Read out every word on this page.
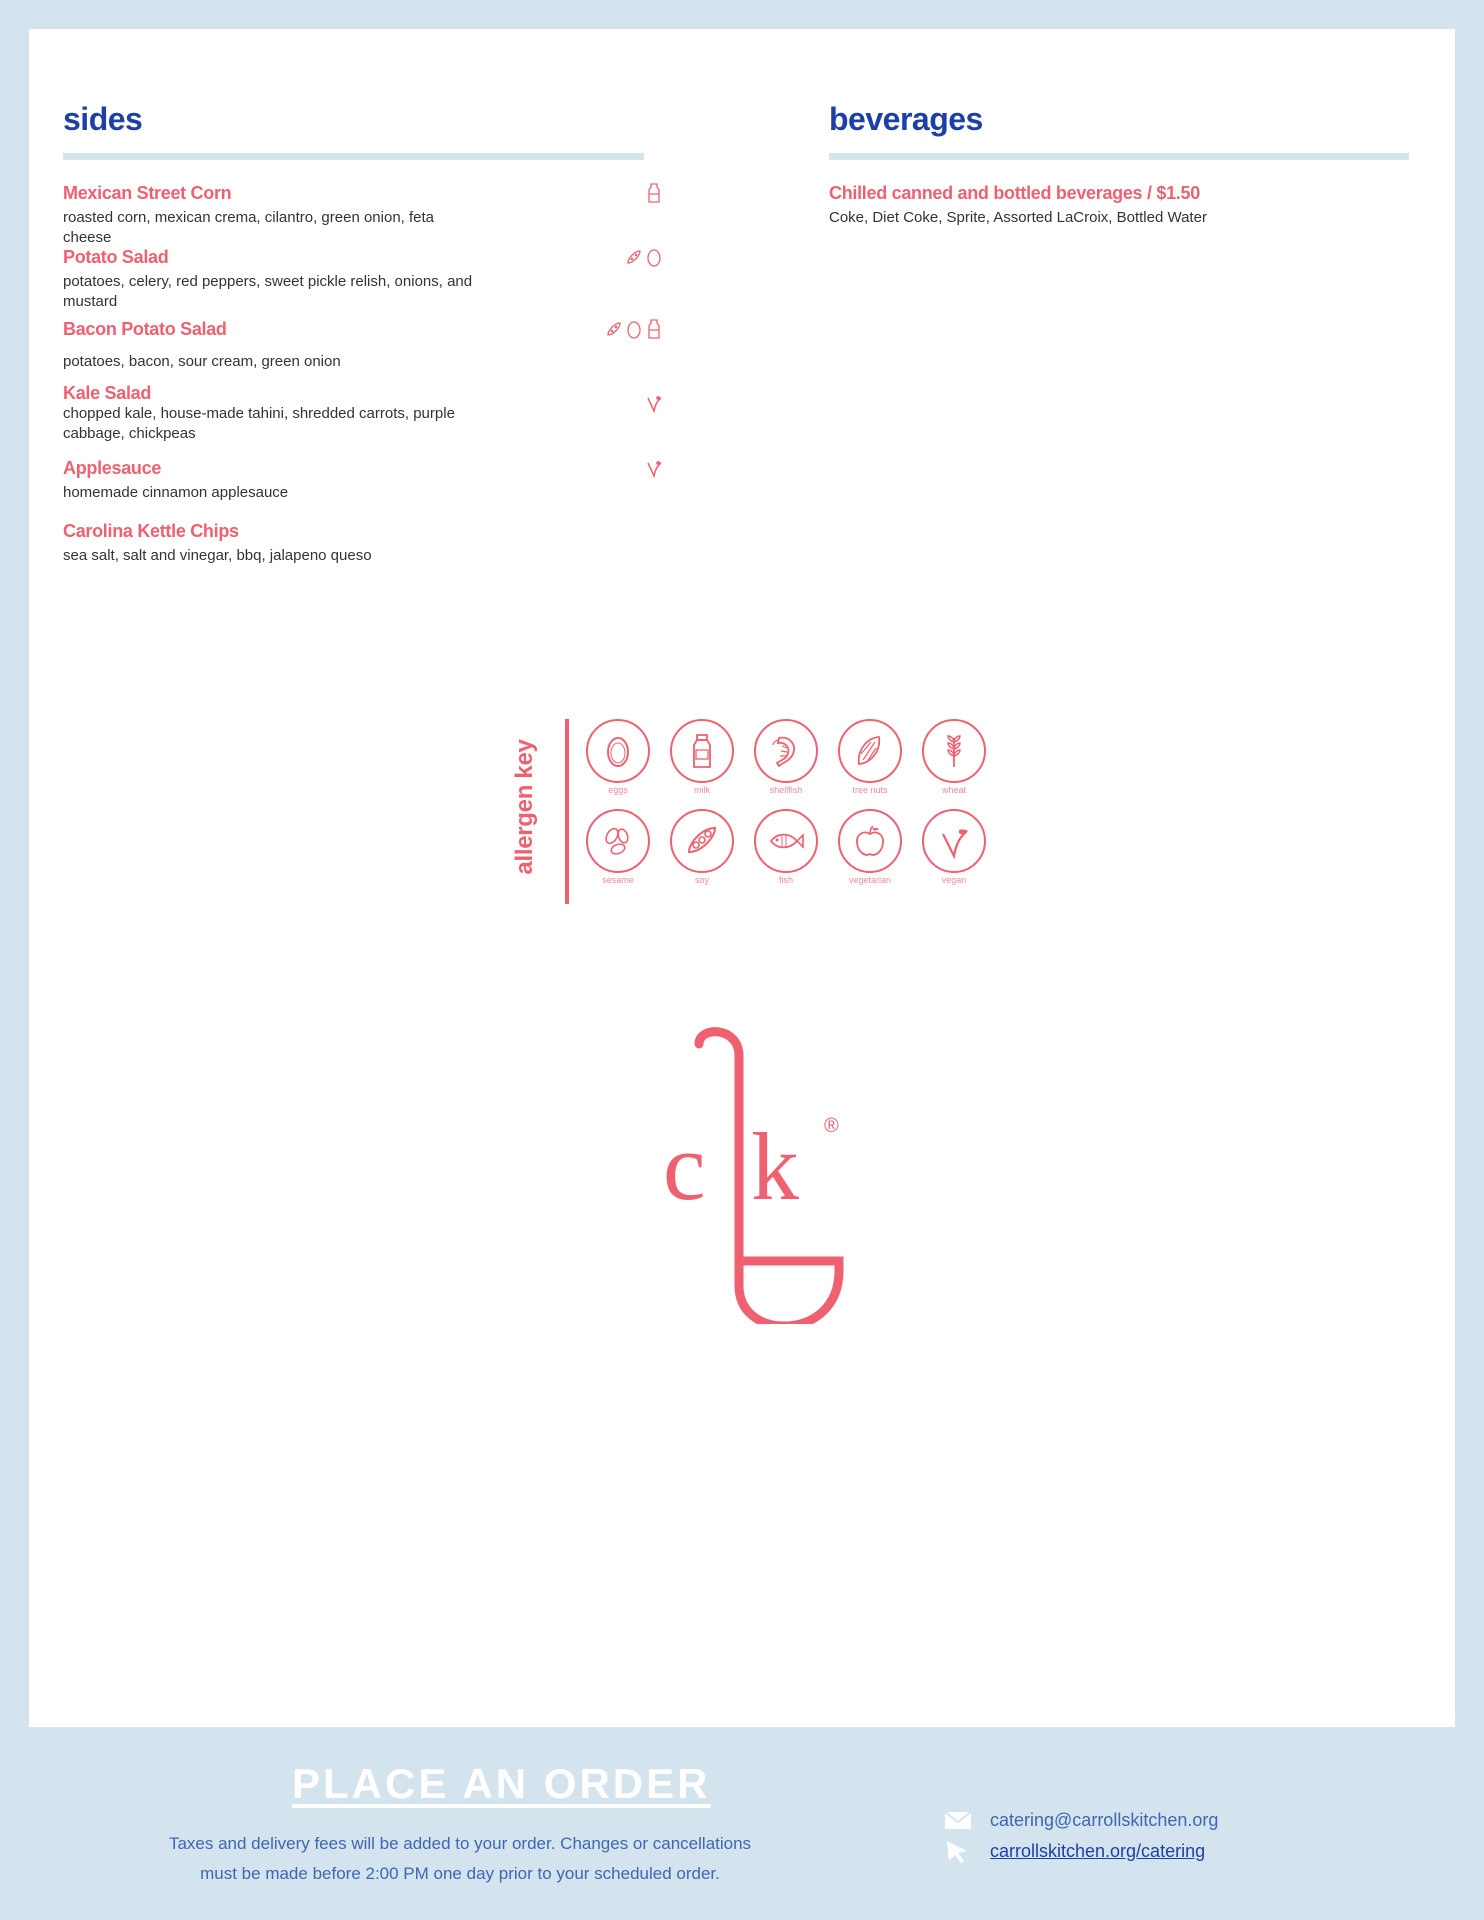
sides
Mexican Street Corn
roasted corn, mexican crema, cilantro, green onion, feta cheese
Potato Salad
potatoes, celery, red peppers, sweet pickle relish, onions, and mustard
Bacon Potato Salad
potatoes, bacon, sour cream, green onion
Kale Salad
chopped kale, house-made tahini, shredded carrots, purple cabbage, chickpeas
Applesauce
homemade cinnamon applesauce
Carolina Kettle Chips
sea salt, salt and vinegar, bbq, jalapeno queso
beverages
Chilled canned and bottled beverages / $1.50
Coke, Diet Coke, Sprite, Assorted LaCroix, Bottled Water
allergen key	eggs	milk	shellfish	tree nuts	wheat
sesame	soy	fish	vegetarian	vegan
c k ®
PLACE AN ORDER
Taxes and delivery fees will be added to your order. Changes or cancellations must be made before 2:00 PM one day prior to your scheduled order.
catering@carrollskitchen.org
carrollskitchen.org/catering
